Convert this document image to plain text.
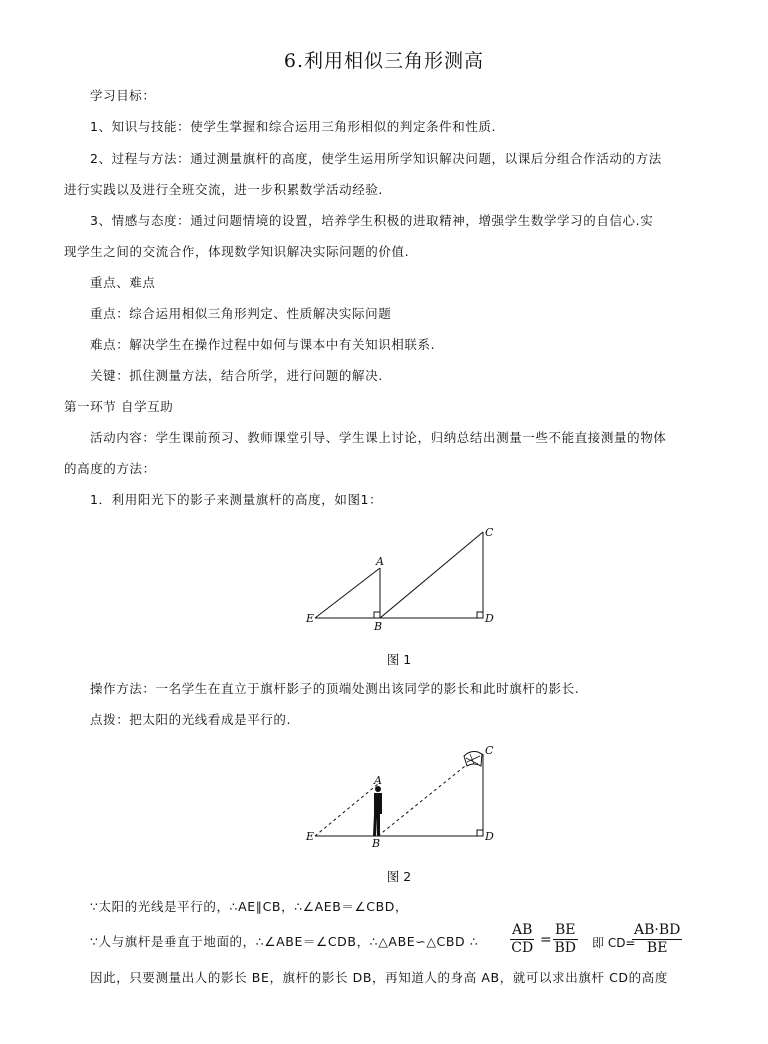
6.利用相似三角形测高
学习目标：
1、知识与技能：使学生掌握和综合运用三角形相似的判定条件和性质.
2、过程与方法：通过测量旗杆的高度，使学生运用所学知识解决问题，以课后分组合作活动的方法
进行实践以及进行全班交流，进一步积累数学活动经验.
3、情感与态度：通过问题情境的设置，培养学生积极的进取精神，增强学生数学学习的自信心.实
现学生之间的交流合作，体现数学知识解决实际问题的价值.
重点、难点
重点：综合运用相似三角形判定、性质解决实际问题
难点：解决学生在操作过程中如何与课本中有关知识相联系.
关键：抓住测量方法，结合所学，进行问题的解决.
第一环节 自学互助
活动内容：学生课前预习、教师课堂引导、学生课上讨论，归纳总结出测量一些不能直接测量的物体
的高度的方法：
1．利用阳光下的影子来测量旗杆的高度，如图1：
A
B
C
D
E
图 1
操作方法：一名学生在直立于旗杆影子的顶端处测出该同学的影长和此时旗杆的影长.
点拨：把太阳的光线看成是平行的.
A
B
C
D
E
图 2
∵太阳的光线是平行的，∴AE∥CB，∴∠AEB＝∠CBD，
∵人与旗杆是垂直于地面的，∴∠ABE＝∠CDB，∴△ABE∽△CBD ∴ $\frac{AB}{CD} = \frac{BE}{BD}$ 即 CD=
$\frac{AB\cdot BD}{BE}$
因此，只要测量出人的影长 BE，旗杆的影长 DB，再知道人的身高 AB，就可以求出旗杆 CD的高度
